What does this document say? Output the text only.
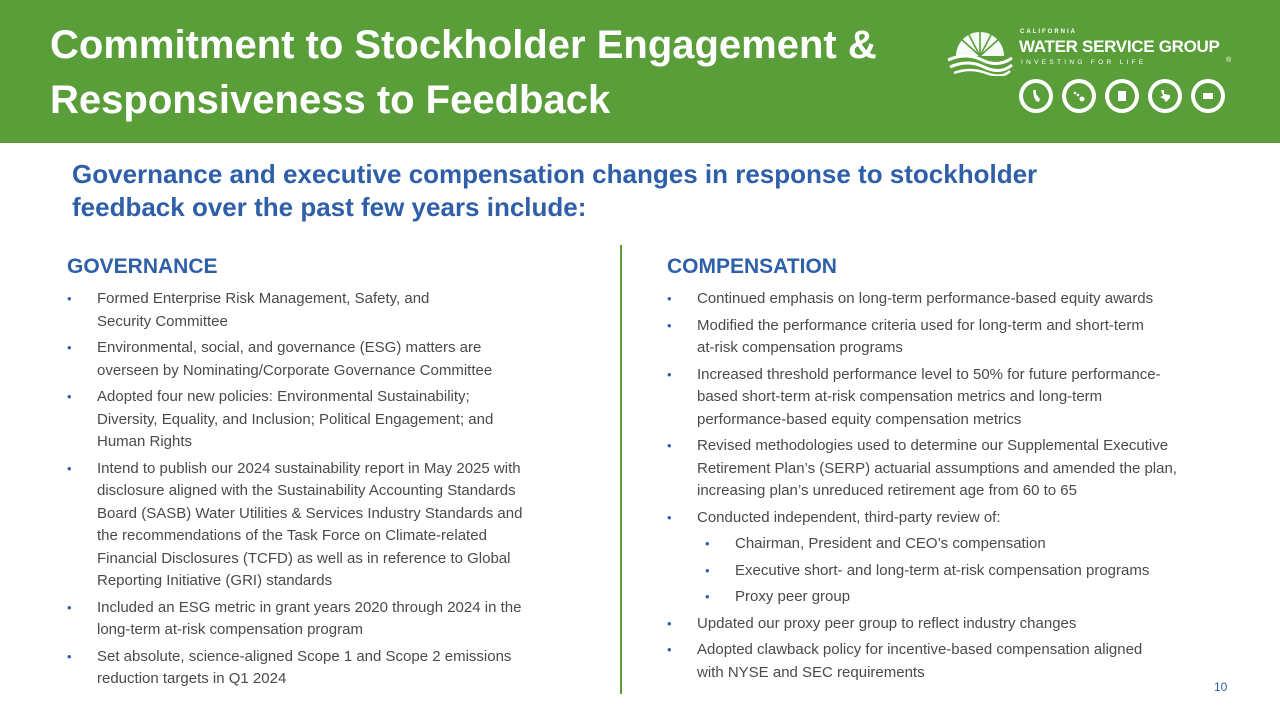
Commitment to Stockholder Engagement &
Responsiveness to Feedback
CALIFORNIA
WATER SERVICE GROUP
INVESTING FOR LIFE	®
Governance and executive compensation changes in response to stockholder
feedback over the past few years include:
GOVERNANCE
• Formed Enterprise Risk Management, Safety, and
Security Committee
• Environmental, social, and governance (ESG) matters are
overseen by Nominating/Corporate Governance Committee
• Adopted four new policies: Environmental Sustainability;
Diversity, Equality, and Inclusion; Political Engagement; and
Human Rights
• Intend to publish our 2024 sustainability report in May 2025 with
disclosure aligned with the Sustainability Accounting Standards
Board (SASB) Water Utilities & Services Industry Standards and
the recommendations of the Task Force on Climate-related
Financial Disclosures (TCFD) as well as in reference to Global
Reporting Initiative (GRI) standards
• Included an ESG metric in grant years 2020 through 2024 in the
long-term at-risk compensation program
• Set absolute, science-aligned Scope 1 and Scope 2 emissions
reduction targets in Q1 2024
COMPENSATION
• Continued emphasis on long-term performance-based equity awards
• Modified the performance criteria used for long-term and short-term
at-risk compensation programs
• Increased threshold performance level to 50% for future performance-
based short-term at-risk compensation metrics and long-term
performance-based equity compensation metrics
• Revised methodologies used to determine our Supplemental Executive
Retirement Plan’s (SERP) actuarial assumptions and amended the plan,
increasing plan’s unreduced retirement age from 60 to 65
• Conducted independent, third-party review of:
• Chairman, President and CEO’s compensation
• Executive short- and long-term at-risk compensation programs
• Proxy peer group
• Updated our proxy peer group to reflect industry changes
• Adopted clawback policy for incentive-based compensation aligned
with NYSE and SEC requirements
10
